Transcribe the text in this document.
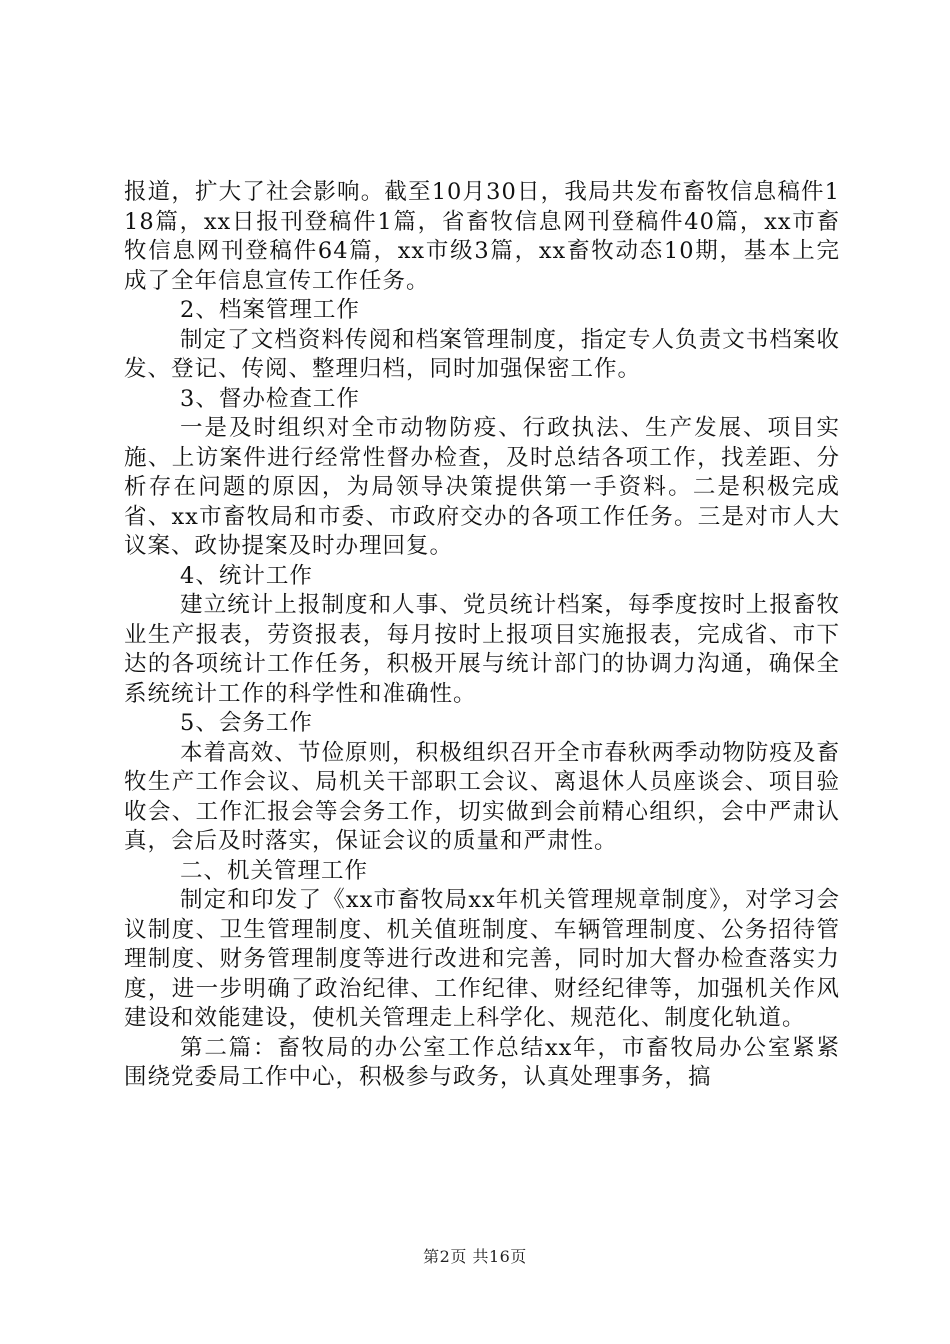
报道，扩大了社会影响。截至10月30日，我局共发布畜牧信息稿件118篇，xx日报刊登稿件1篇，省畜牧信息网刊登稿件40篇，xx市畜牧信息网刊登稿件64篇，xx市级3篇，xx畜牧动态10期，基本上完成了全年信息宣传工作任务。

2、档案管理工作

制定了文档资料传阅和档案管理制度，指定专人负责文书档案收发、登记、传阅、整理归档，同时加强保密工作。

3、督办检查工作

一是及时组织对全市动物防疫、行政执法、生产发展、项目实施、上访案件进行经常性督办检查，及时总结各项工作，找差距、分析存在问题的原因，为局领导决策提供第一手资料。二是积极完成省、xx市畜牧局和市委、市政府交办的各项工作任务。三是对市人大议案、政协提案及时办理回复。

4、统计工作

建立统计上报制度和人事、党员统计档案，每季度按时上报畜牧业生产报表，劳资报表，每月按时上报项目实施报表，完成省、市下达的各项统计工作任务，积极开展与统计部门的协调力沟通，确保全系统统计工作的科学性和准确性。

5、会务工作

本着高效、节俭原则，积极组织召开全市春秋两季动物防疫及畜牧生产工作会议、局机关干部职工会议、离退休人员座谈会、项目验收会、工作汇报会等会务工作，切实做到会前精心组织，会中严肃认真，会后及时落实，保证会议的质量和严肃性。

二、机关管理工作

制定和印发了《xx市畜牧局xx年机关管理规章制度》，对学习会议制度、卫生管理制度、机关值班制度、车辆管理制度、公务招待管理制度、财务管理制度等进行改进和完善，同时加大督办检查落实力度，进一步明确了政治纪律、工作纪律、财经纪律等，加强机关作风建设和效能建设，使机关管理走上科学化、规范化、制度化轨道。

第二篇：畜牧局的办公室工作总结xx年，市畜牧局办公室紧紧围绕党委局工作中心，积极参与政务，认真处理事务，搞

第2页 共16页
